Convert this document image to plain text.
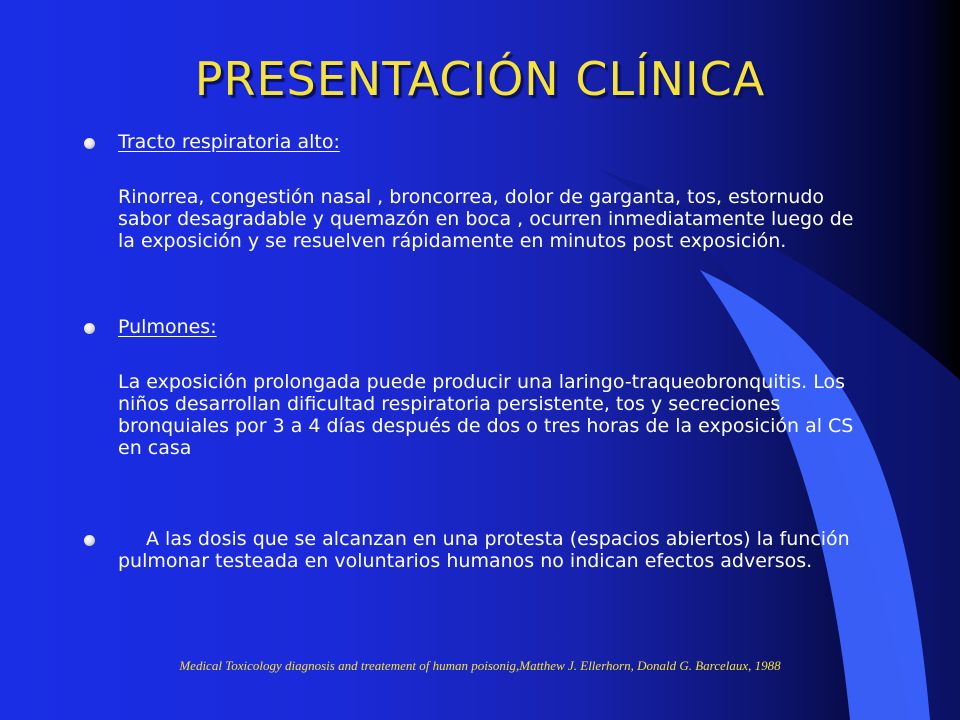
PRESENTACIÓN CLÍNICA
Tracto respiratoria alto:
Rinorrea, congestión nasal , broncorrea, dolor de garganta, tos, estornudo sabor desagradable y quemazón en boca , ocurren inmediatamente luego de la exposición y se resuelven rápidamente en minutos post exposición.
Pulmones:
La exposición prolongada puede producir una laringo-traqueobronquitis. Los niños desarrollan dificultad respiratoria persistente, tos y secreciones bronquiales por 3 a 4 días después de dos o tres horas de la exposición al CS en casa
A las dosis que se alcanzan en una protesta (espacios abiertos) la función pulmonar testeada en voluntarios humanos no indican efectos adversos.
Medical Toxicology diagnosis and treatement of human poisonig,Matthew J. Ellerhorn, Donald G. Barcelaux, 1988
